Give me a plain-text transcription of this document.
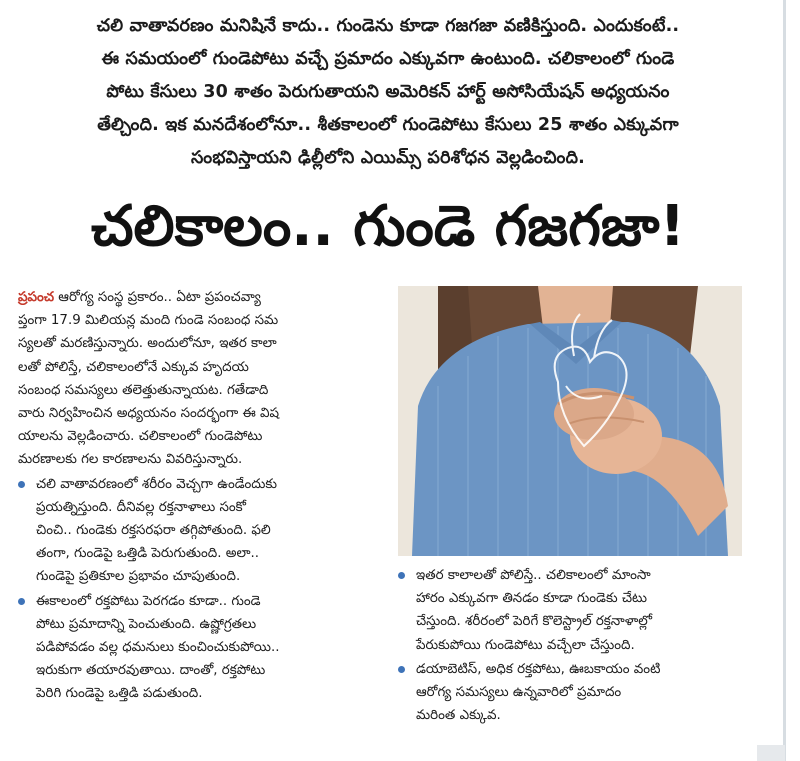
చలి వాతావరణం మనిషినే కాదు.. గుండెను కూడా గజగజా వణికిస్తుంది. ఎందుకంటే..
ఈ సమయంలో గుండెపోటు వచ్చే ప్రమాదం ఎక్కువగా ఉంటుంది. చలికాలంలో గుండె
పోటు కేసులు 30 శాతం పెరుగుతాయని అమెరికన్ హార్ట్ అసోసియేషన్ అధ్యయనం
తేల్చింది. ఇక మనదేశంలోనూ.. శీతకాలంలో గుండెపోటు కేసులు 25 శాతం ఎక్కువగా
సంభవిస్తాయని ఢిల్లీలోని ఎయిమ్స్ పరిశోధన వెల్లడించింది.
చలికాలం.. గుండె గజగజా!
ప్రపంచ ఆరోగ్య సంస్థ ప్రకారం.. ఏటా ప్రపంచవ్యా
ప్తంగా 17.9 మిలియన్ల మంది గుండె సంబంధ సమ
స్యలతో మరణిస్తున్నారు. అందులోనూ, ఇతర కాలా
లతో పోలిస్తే, చలికాలంలోనే ఎక్కువ హృదయ
సంబంధ సమస్యలు తలెత్తుతున్నాయట. గతేడాది
వారు నిర్వహించిన అధ్యయనం సందర్భంగా ఈ విష
యాలను వెల్లడించారు. చలికాలంలో గుండెపోటు
మరణాలకు గల కారణాలను వివరిస్తున్నారు.
చలి వాతావరణంలో శరీరం వెచ్చగా ఉండేందుకు
ప్రయత్నిస్తుంది. దీనివల్ల రక్తనాళాలు సంకో
చించి.. గుండెకు రక్తసరఫరా తగ్గిపోతుంది. ఫలి
తంగా, గుండెపై ఒత్తిడి పెరుగుతుంది. అలా..
గుండెపై ప్రతికూల ప్రభావం చూపుతుంది.
ఈకాలంలో రక్తపోటు పెరగడం కూడా.. గుండె
పోటు ప్రమాదాన్ని పెంచుతుంది. ఉష్ణోగ్రతలు
పడిపోవడం వల్ల ధమనులు కుంచించుకుపోయి..
ఇరుకుగా తయారవుతాయి. దాంతో, రక్తపోటు
పెరిగి గుండెపై ఒత్తిడి పడుతుంది.
ఇతర కాలాలతో పోలిస్తే.. చలికాలంలో మాంసా
హారం ఎక్కువగా తినడం కూడా గుండెకు చేటు
చేస్తుంది. శరీరంలో పెరిగే కొలెస్ట్రాల్ రక్తనాళాల్లో
పేరుకుపోయి గుండెపోటు వచ్చేలా చేస్తుంది.
డయాబెటిస్, అధిక రక్తపోటు, ఊబకాయం వంటి
ఆరోగ్య సమస్యలు ఉన్నవారిలో ప్రమాదం
మరింత ఎక్కువ.
